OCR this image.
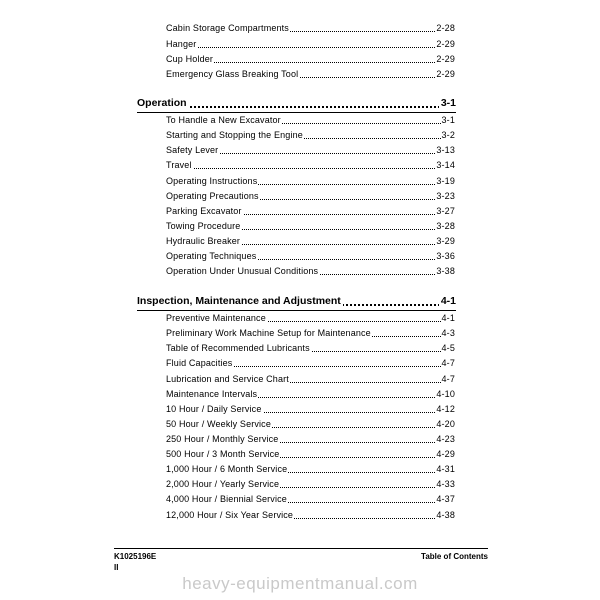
Cabin Storage Compartments	2-28
Hanger	2-29
Cup Holder	2-29
Emergency Glass Breaking Tool	2-29
Operation	3-1
To Handle a New Excavator	3-1
Starting and Stopping the Engine	3-2
Safety Lever	3-13
Travel	3-14
Operating Instructions	3-19
Operating Precautions	3-23
Parking Excavator	3-27
Towing Procedure	3-28
Hydraulic Breaker	3-29
Operating Techniques	3-36
Operation Under Unusual Conditions	3-38
Inspection, Maintenance and Adjustment	4-1
Preventive Maintenance	4-1
Preliminary Work Machine Setup for Maintenance	4-3
Table of Recommended Lubricants	4-5
Fluid Capacities	4-7
Lubrication and Service Chart	4-7
Maintenance Intervals	4-10
10 Hour / Daily Service	4-12
50 Hour / Weekly Service	4-20
250 Hour / Monthly Service	4-23
500 Hour / 3 Month Service	4-29
1,000 Hour / 6 Month Service	4-31
2,000 Hour / Yearly Service	4-33
4,000 Hour / Biennial Service	4-37
12,000 Hour / Six Year Service	4-38
K1025196E
II
Table of Contents
heavy-equipmentmanual.com
